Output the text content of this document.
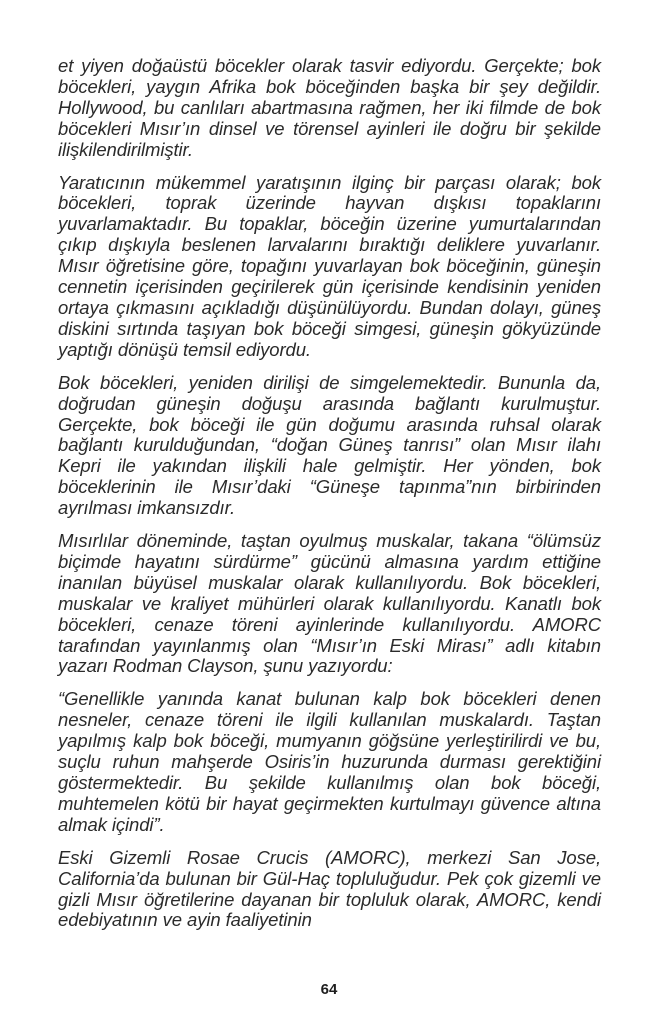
et yiyen doğaüstü böcekler olarak tasvir ediyordu. Gerçekte; bok böcekleri, yaygın Afrika bok böceğinden başka bir şey değildir. Hollywood, bu canlıları abartmasına rağmen, her iki filmde de bok böcekleri Mısır’ın dinsel ve törensel ayinleri ile doğru bir şekilde ilişkilendirilmiştir.

Yaratıcının mükemmel yaratışının ilginç bir parçası olarak; bok böcekleri, toprak üzerinde hayvan dışkısı topaklarını yuvarlamaktadır. Bu topaklar, böceğin üzerine yumurtalarından çıkıp dışkıyla beslenen larvalarını bıraktığı deliklere yuvarlanır. Mısır öğretisine göre, topağını yuvarlayan bok böceğinin, güneşin cennetin içerisinden geçirilerek gün içerisinde kendisinin yeniden ortaya çıkmasını açıkladığı düşünülüyordu. Bundan dolayı, güneş diskini sırtında taşıyan bok böceği simgesi, güneşin gökyüzünde yaptığı dönüşü temsil ediyordu.

Bok böcekleri, yeniden dirilişi de simgelemektedir. Bununla da, doğrudan güneşin doğuşu arasında bağlantı kurulmuştur. Gerçekte, bok böceği ile gün doğumu arasında ruhsal olarak bağlantı kurulduğundan, “doğan Güneş tanrısı” olan Mısır ilahı Kepri ile yakından ilişkili hale gelmiştir. Her yönden, bok böceklerinin ile Mısır’daki “Güneşe tapınma”nın birbirinden ayrılması imkansızdır.

Mısırlılar döneminde, taştan oyulmuş muskalar, takana “ölümsüz biçimde hayatını sürdürme” gücünü almasına yardım ettiğine inanılan büyüsel muskalar olarak kullanılıyordu. Bok böcekleri, muskalar ve kraliyet mühürleri olarak kullanılıyordu. Kanatlı bok böcekleri, cenaze töreni ayinlerinde kullanılıyordu. AMORC tarafından yayınlanmış olan “Mısır’ın Eski Mirası” adlı kitabın yazarı Rodman Clayson, şunu yazıyordu:

“Genellikle yanında kanat bulunan kalp bok böcekleri denen nesneler, cenaze töreni ile ilgili kullanılan muskalardı. Taştan yapılmış kalp bok böceği, mumyanın göğsüne yerleştirilirdi ve bu, suçlu ruhun mahşerde Osiris’in huzurunda durması gerektiğini göstermektedir. Bu şekilde kullanılmış olan bok böceği, muhtemelen kötü bir hayat geçirmekten kurtulmayı güvence altına almak içindi”.

Eski Gizemli Rosae Crucis (AMORC), merkezi San Jose, California’da bulunan bir Gül-Haç topluluğudur. Pek çok gizemli ve gizli Mısır öğretilerine dayanan bir topluluk olarak, AMORC, kendi edebiyatının ve ayin faaliyetinin

64
